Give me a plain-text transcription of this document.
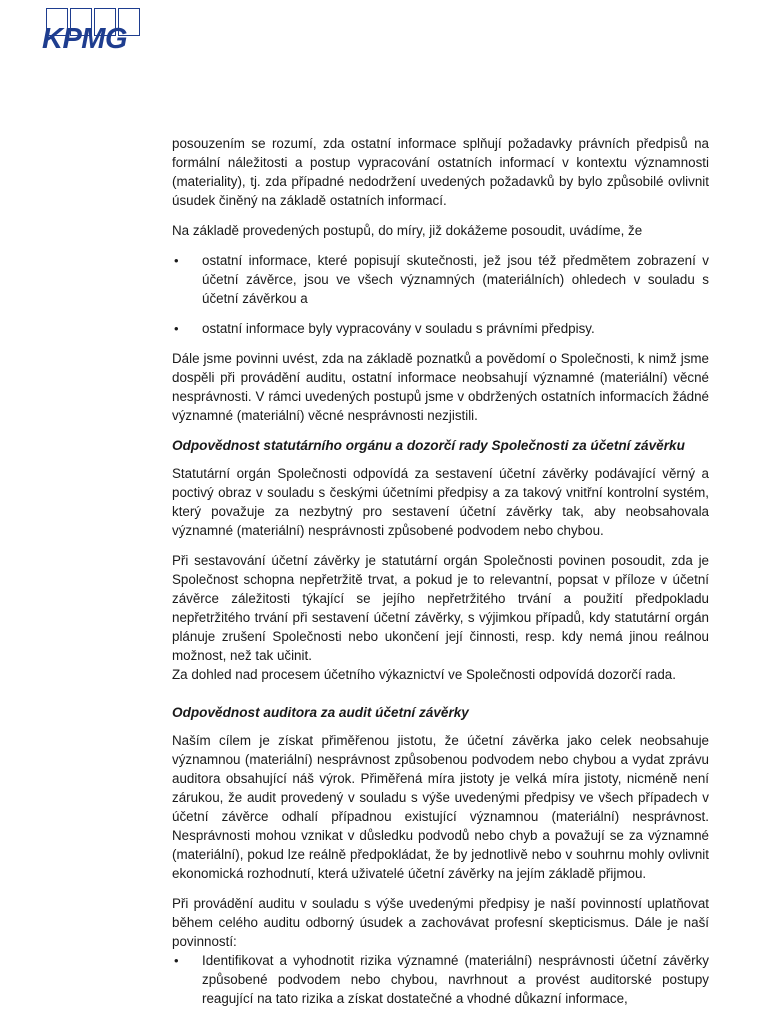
KPMG

posouzením se rozumí, zda ostatní informace splňují požadavky právních předpisů na formální náležitosti a postup vypracování ostatních informací v kontextu významnosti (materiality), tj. zda případné nedodržení uvedených požadavků by bylo způsobilé ovlivnit úsudek činěný na základě ostatních informací.

Na základě provedených postupů, do míry, již dokážeme posoudit, uvádíme, že

• ostatní informace, které popisují skutečnosti, jež jsou též předmětem zobrazení v účetní závěrce, jsou ve všech významných (materiálních) ohledech v souladu s účetní závěrkou a
• ostatní informace byly vypracovány v souladu s právními předpisy.

Dále jsme povinni uvést, zda na základě poznatků a povědomí o Společnosti, k nimž jsme dospěli při provádění auditu, ostatní informace neobsahují významné (materiální) věcné nesprávnosti. V rámci uvedených postupů jsme v obdržených ostatních informacích žádné významné (materiální) věcné nesprávnosti nezjistili.

Odpovědnost statutárního orgánu a dozorčí rady Společnosti za účetní závěrku

Statutární orgán Společnosti odpovídá za sestavení účetní závěrky podávající věrný a poctivý obraz v souladu s českými účetními předpisy a za takový vnitřní kontrolní systém, který považuje za nezbytný pro sestavení účetní závěrky tak, aby neobsahovala významné (materiální) nesprávnosti způsobené podvodem nebo chybou.

Při sestavování účetní závěrky je statutární orgán Společnosti povinen posoudit, zda je Společnost schopna nepřetržitě trvat, a pokud je to relevantní, popsat v příloze v účetní závěrce záležitosti týkající se jejího nepřetržitého trvání a použití předpokladu nepřetržitého trvání při sestavení účetní závěrky, s výjimkou případů, kdy statutární orgán plánuje zrušení Společnosti nebo ukončení její činnosti, resp. kdy nemá jinou reálnou možnost, než tak učinit.

Za dohled nad procesem účetního výkaznictví ve Společnosti odpovídá dozorčí rada.

Odpovědnost auditora za audit účetní závěrky

Naším cílem je získat přiměřenou jistotu, že účetní závěrka jako celek neobsahuje významnou (materiální) nesprávnost způsobenou podvodem nebo chybou a vydat zprávu auditora obsahující náš výrok. Přiměřená míra jistoty je velká míra jistoty, nicméně není zárukou, že audit provedený v souladu s výše uvedenými předpisy ve všech případech v účetní závěrce odhalí případnou existující významnou (materiální) nesprávnost. Nesprávnosti mohou vznikat v důsledku podvodů nebo chyb a považují se za významné (materiální), pokud lze reálně předpokládat, že by jednotlivě nebo v souhrnu mohly ovlivnit ekonomická rozhodnutí, která uživatelé účetní závěrky na jejím základě přijmou.

Při provádění auditu v souladu s výše uvedenými předpisy je naší povinností uplatňovat během celého auditu odborný úsudek a zachovávat profesní skepticismus. Dále je naší povinností:

• Identifikovat a vyhodnotit rizika významné (materiální) nesprávnosti účetní závěrky způsobené podvodem nebo chybou, navrhnout a provést auditorské postupy reagující na tato rizika a získat dostatečné a vhodné důkazní informace,
